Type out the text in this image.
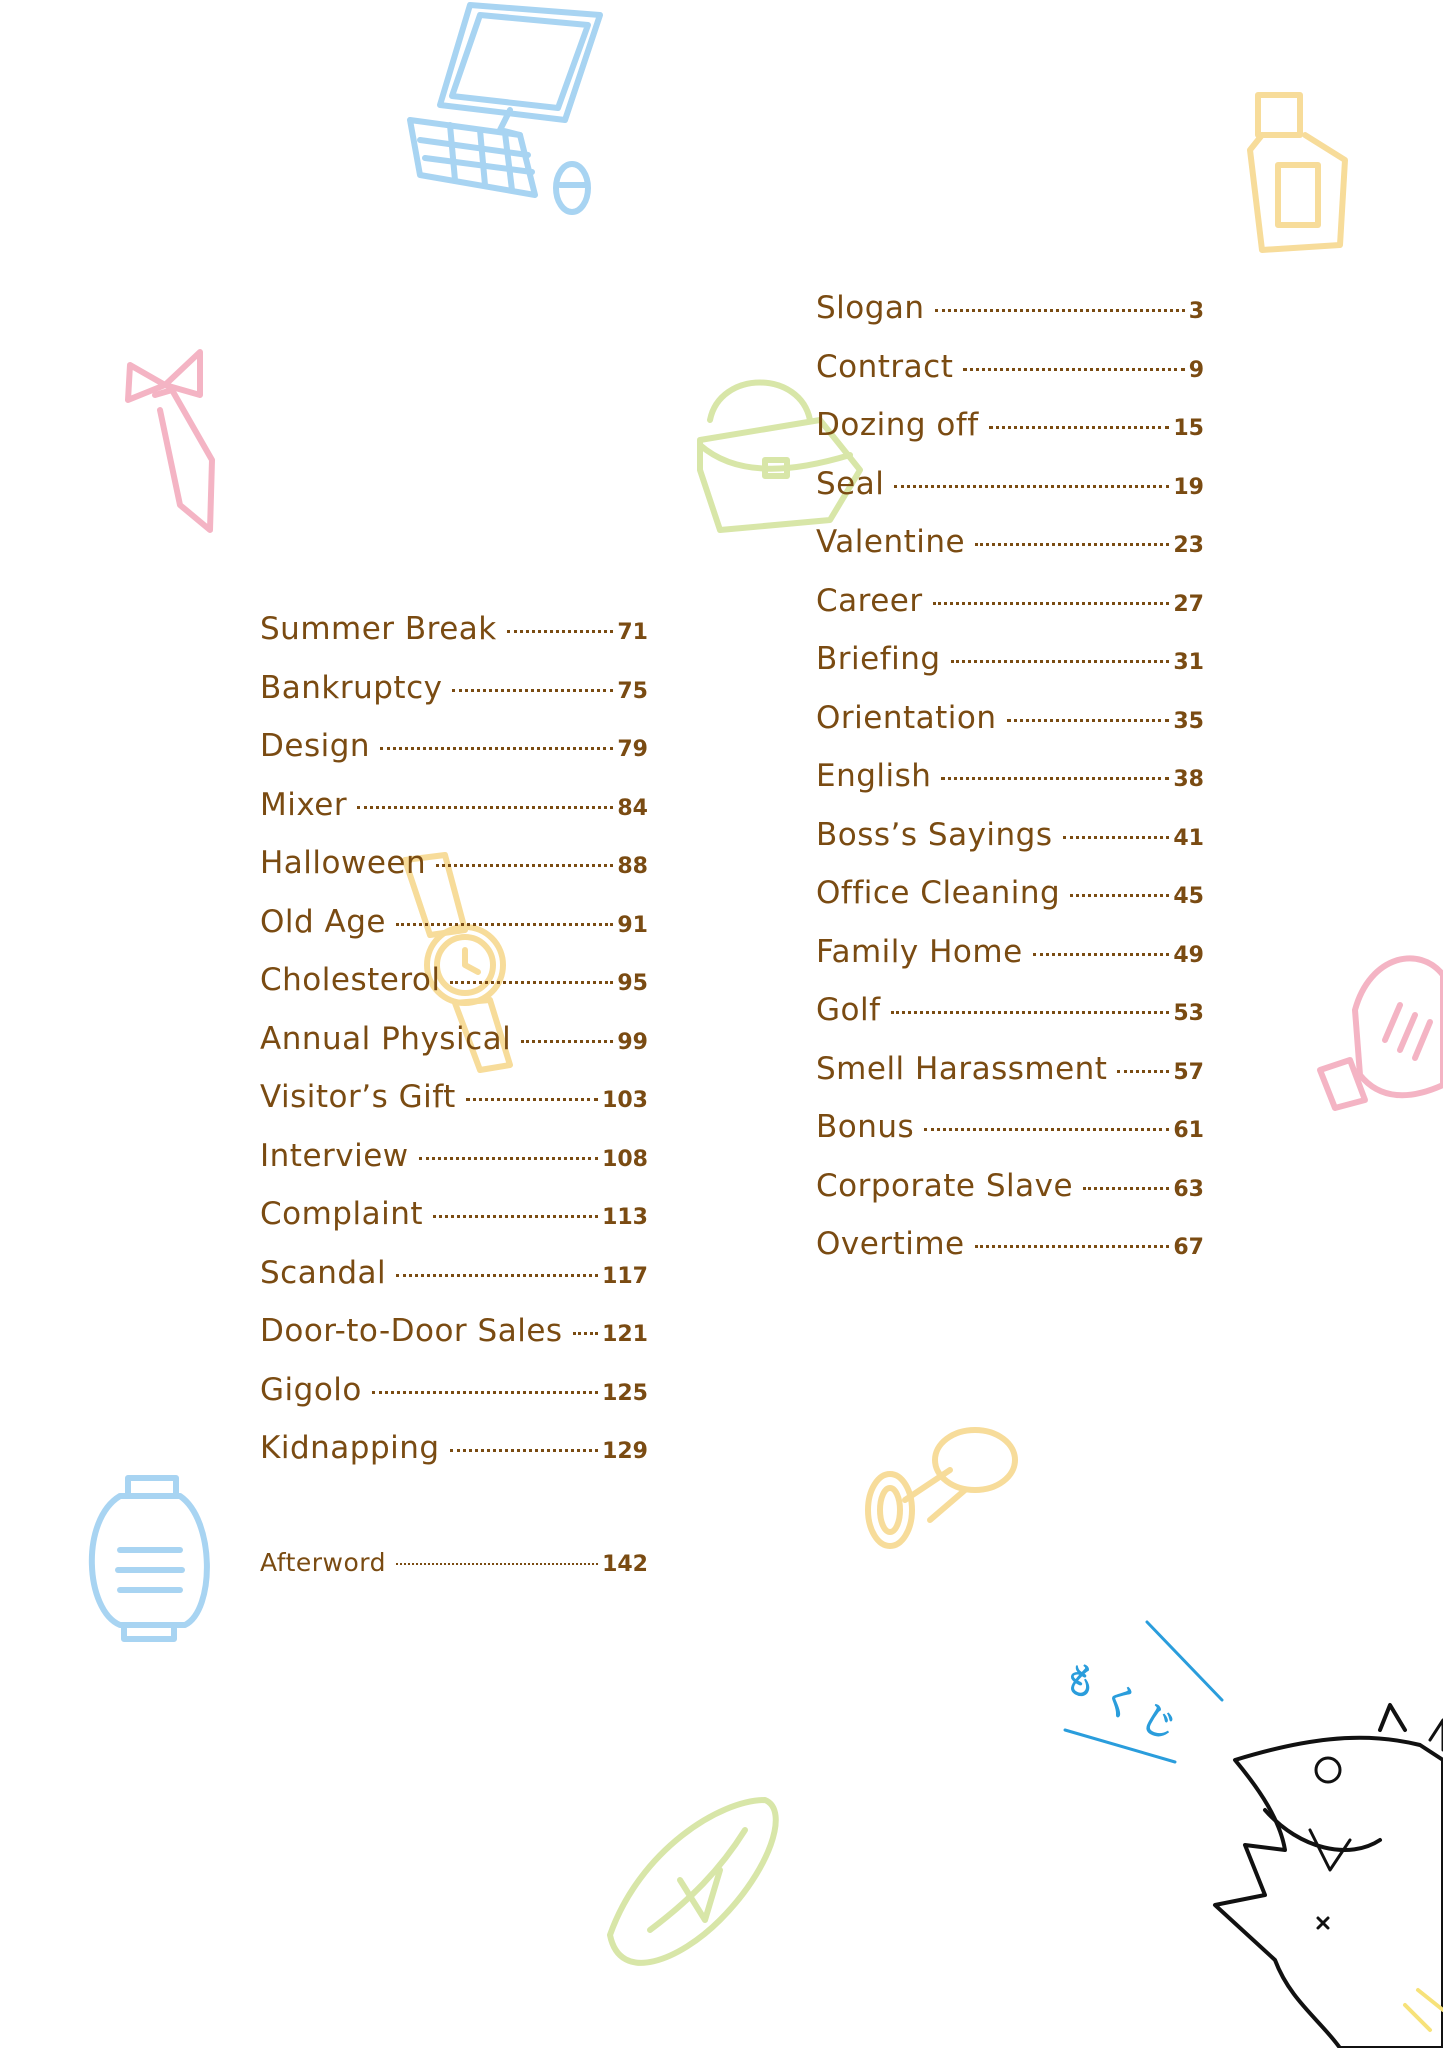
もくじ
Slogan	3
Contract	9
Dozing off	15
Seal	19
Valentine	23
Career	27
Briefing	31
Orientation	35
English	38
Boss’s Sayings	41
Office Cleaning	45
Family Home	49
Golf	53
Smell Harassment	57
Bonus	61
Corporate Slave	63
Overtime	67
Summer Break	71
Bankruptcy	75
Design	79
Mixer	84
Halloween	88
Old Age	91
Cholesterol	95
Annual Physical	99
Visitor’s Gift	103
Interview	108
Complaint	113
Scandal	117
Door-to-Door Sales 121
Gigolo	125
Kidnapping	129
Afterword	142
